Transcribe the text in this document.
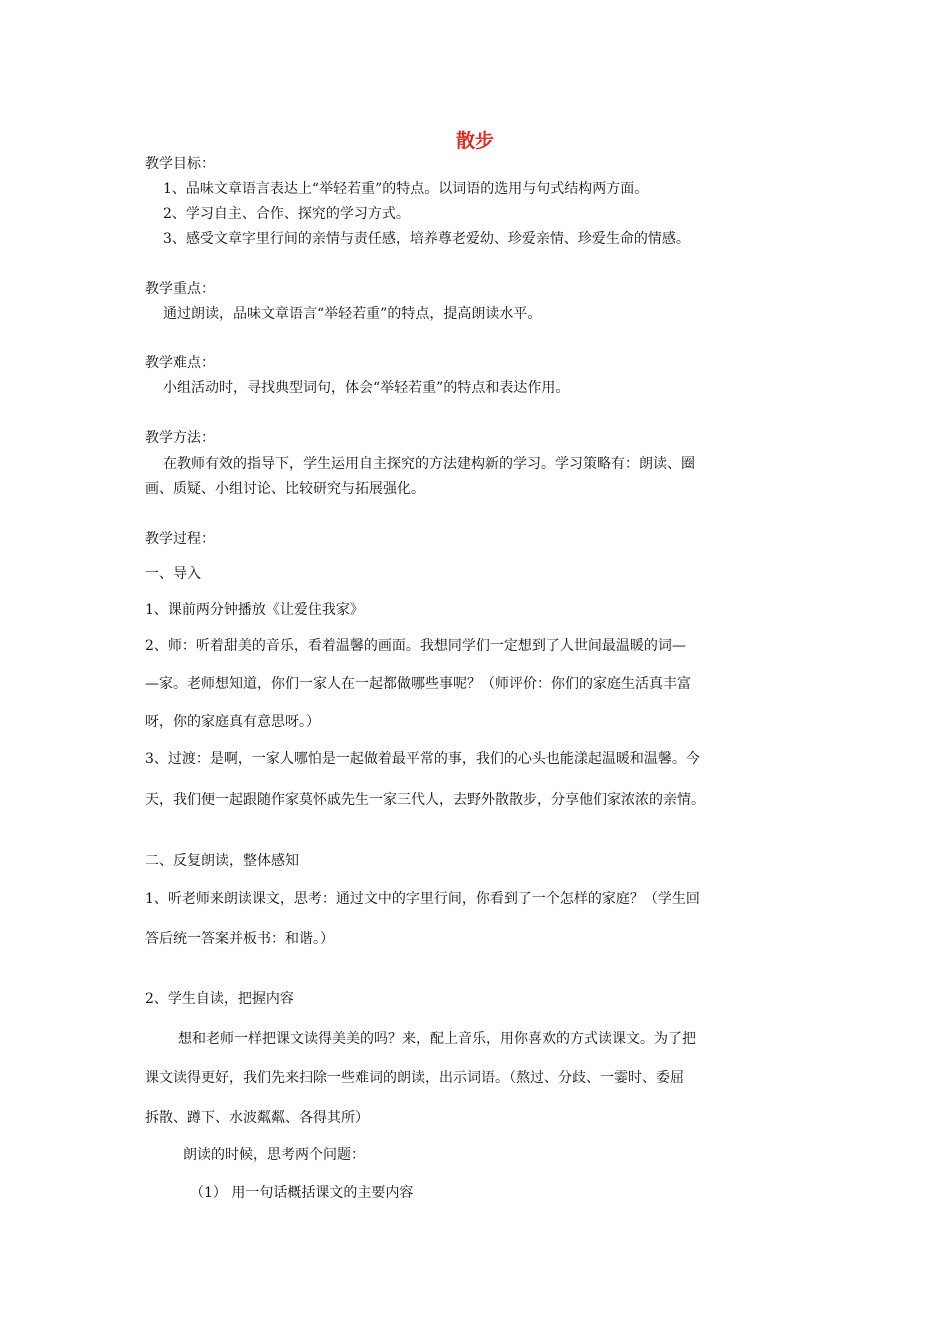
散步
教学目标：
1、品味文章语言表达上“举轻若重”的特点。以词语的选用与句式结构两方面。
2、学习自主、合作、探究的学习方式。
3、感受文章字里行间的亲情与责任感，培养尊老爱幼、珍爱亲情、珍爱生命的情感。
教学重点：
通过朗读，品味文章语言“举轻若重”的特点，提高朗读水平。
教学难点：
小组活动时，寻找典型词句，体会“举轻若重”的特点和表达作用。
教学方法：
在教师有效的指导下，学生运用自主探究的方法建构新的学习。学习策略有：朗读、圈
画、质疑、小组讨论、比较研究与拓展强化。
教学过程：
一、导入
1、课前两分钟播放《让爱住我家》
2、师：听着甜美的音乐，看着温馨的画面。我想同学们一定想到了人世间最温暖的词—
—家。老师想知道，你们一家人在一起都做哪些事呢？（师评价：你们的家庭生活真丰富
呀，你的家庭真有意思呀。）
3、过渡：是啊，一家人哪怕是一起做着最平常的事，我们的心头也能漾起温暖和温馨。今
天，我们便一起跟随作家莫怀戚先生一家三代人，去野外散散步，分享他们家浓浓的亲情。
二、反复朗读，整体感知
1、听老师来朗读课文，思考：通过文中的字里行间，你看到了一个怎样的家庭？（学生回
答后统一答案并板书：和谐。）
2、学生自读，把握内容
想和老师一样把课文读得美美的吗？来，配上音乐，用你喜欢的方式读课文。为了把
课文读得更好，我们先来扫除一些难词的朗读，出示词语。（熬过、分歧、一霎时、委屈
拆散、蹲下、水波粼粼、各得其所）
朗读的时候，思考两个问题：
（1） 用一句话概括课文的主要内容
